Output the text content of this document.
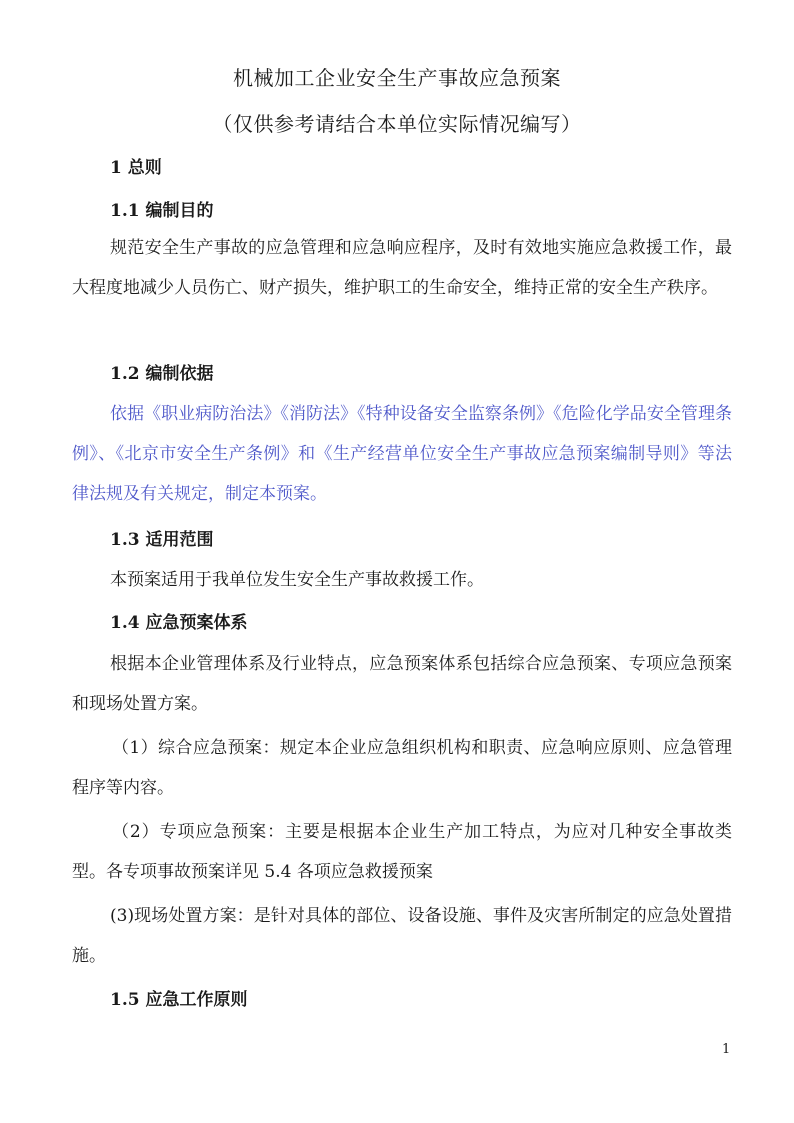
机械加工企业安全生产事故应急预案
（仅供参考请结合本单位实际情况编写）
1 总则
1.1 编制目的

规范安全生产事故的应急管理和应急响应程序，及时有效地实施应急救援工作，最大程度地减少人员伤亡、财产损失，维护职工的生命安全，维持正常的安全生产秩序。

1.2 编制依据

依据《职业病防治法》《消防法》《特种设备安全监察条例》《危险化学品安全管理条例》、《北京市安全生产条例》和《生产经营单位安全生产事故应急预案编制导则》等法律法规及有关规定，制定本预案。

1.3 适用范围

本预案适用于我单位发生安全生产事故救援工作。

1.4 应急预案体系

根据本企业管理体系及行业特点，应急预案体系包括综合应急预案、专项应急预案和现场处置方案。

（1）综合应急预案：规定本企业应急组织机构和职责、应急响应原则、应急管理程序等内容。

（2）专项应急预案：主要是根据本企业生产加工特点，为应对几种安全事故类型。各专项事故预案详见 5.4 各项应急救援预案

(3)现场处置方案：是针对具体的部位、设备设施、事件及灾害所制定的应急处置措施。

1.5 应急工作原则
1
